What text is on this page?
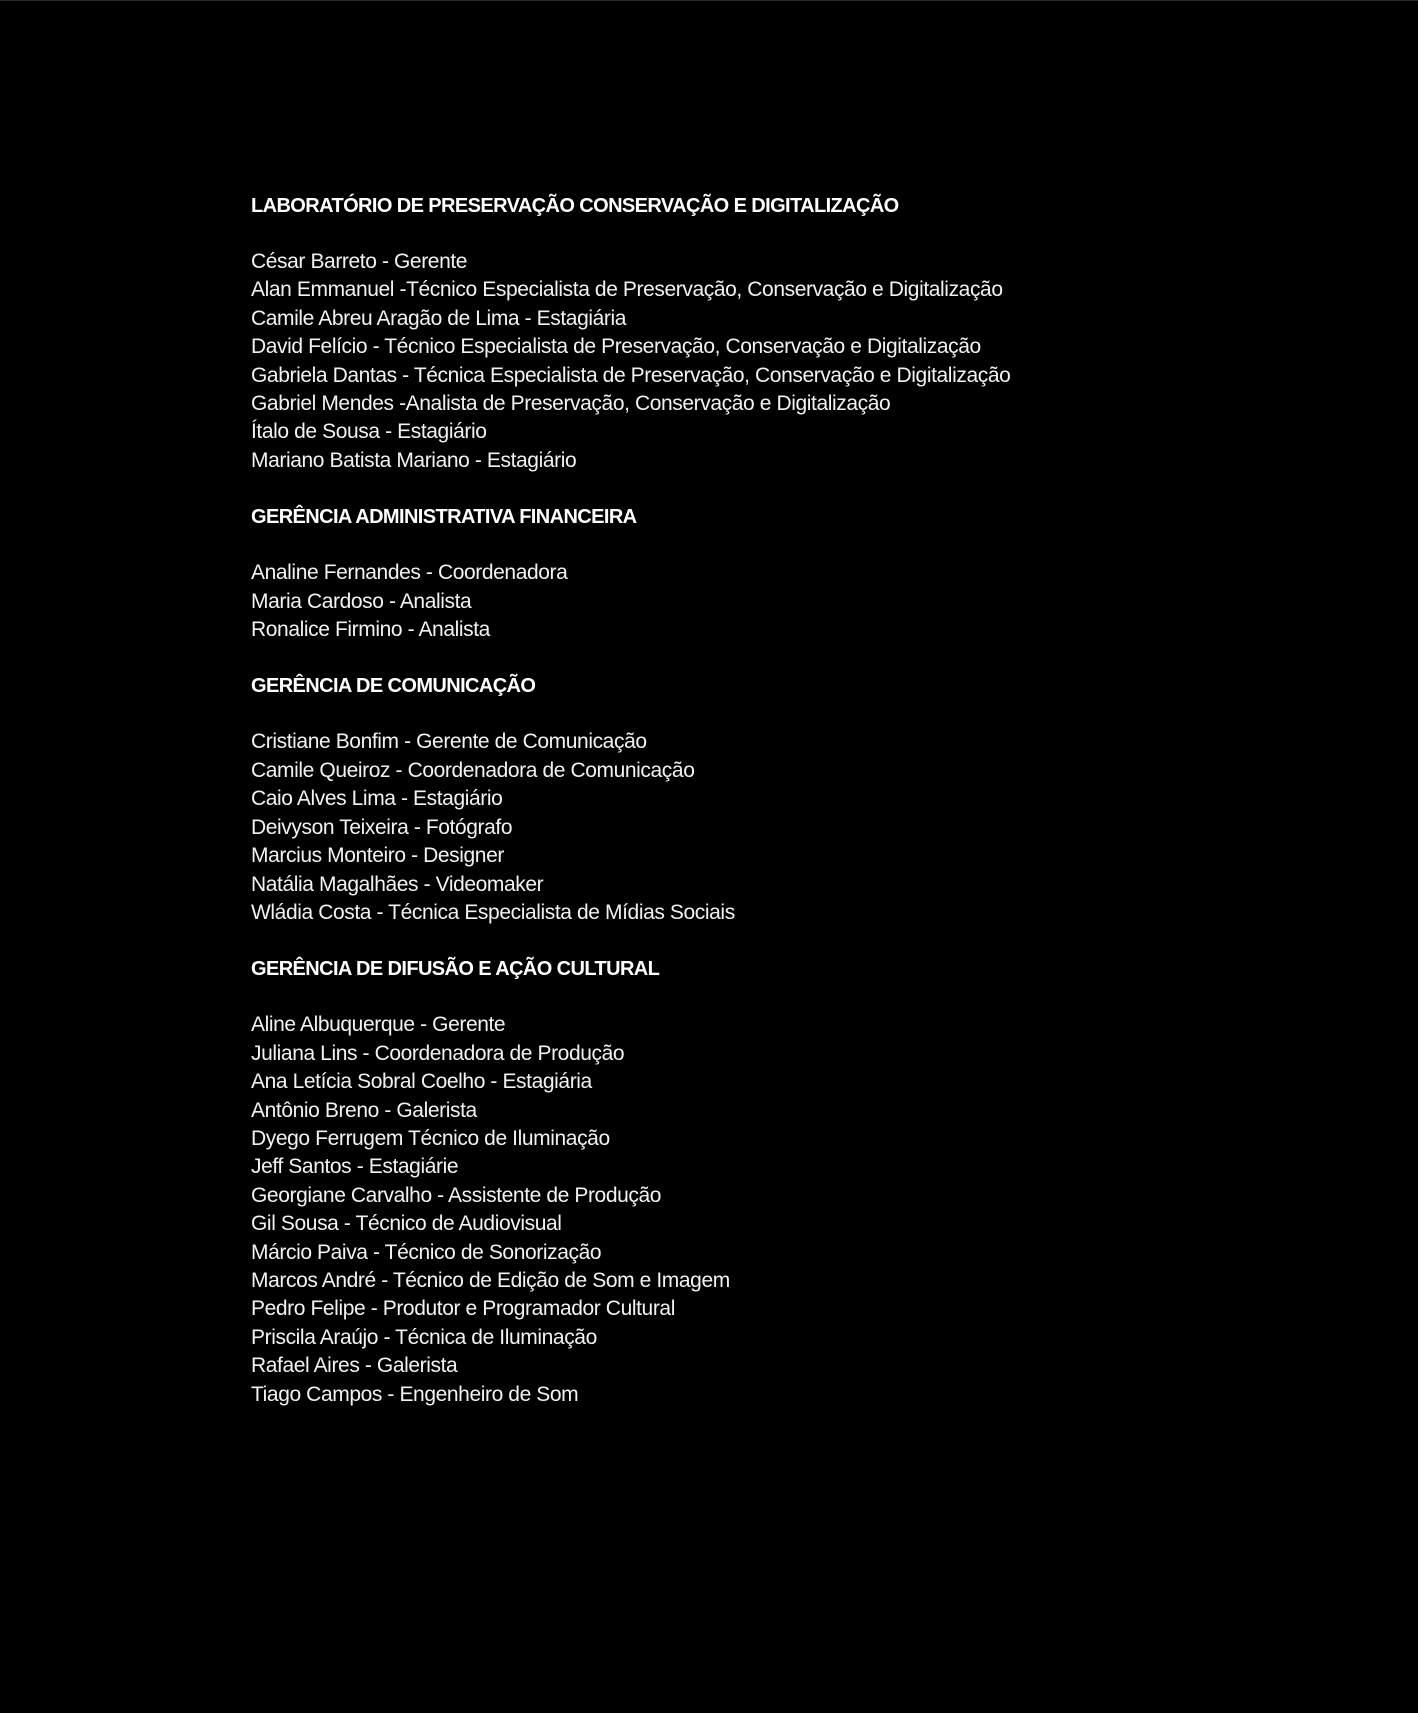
LABORATÓRIO DE PRESERVAÇÃO CONSERVAÇÃO E DIGITALIZAÇÃO
César Barreto - Gerente
Alan Emmanuel -Técnico Especialista de Preservação, Conservação e Digitalização
Camile Abreu Aragão de Lima - Estagiária
David Felício - Técnico Especialista de Preservação, Conservação e Digitalização
Gabriela Dantas - Técnica Especialista de Preservação, Conservação e Digitalização
Gabriel Mendes -Analista de Preservação, Conservação e Digitalização
Ítalo de Sousa - Estagiário
Mariano Batista Mariano - Estagiário
GERÊNCIA ADMINISTRATIVA FINANCEIRA
Analine Fernandes - Coordenadora
Maria Cardoso - Analista
Ronalice Firmino - Analista
GERÊNCIA DE COMUNICAÇÃO
Cristiane Bonfim - Gerente de Comunicação
Camile Queiroz - Coordenadora de Comunicação
Caio Alves Lima - Estagiário
Deivyson Teixeira - Fotógrafo
Marcius Monteiro - Designer
Natália Magalhães - Videomaker
Wládia Costa - Técnica Especialista de Mídias Sociais
GERÊNCIA DE DIFUSÃO E AÇÃO CULTURAL
Aline Albuquerque - Gerente
Juliana Lins - Coordenadora de Produção
Ana Letícia Sobral Coelho - Estagiária
Antônio Breno - Galerista
Dyego Ferrugem Técnico de Iluminação
Jeff Santos - Estagiárie
Georgiane Carvalho - Assistente de Produção
Gil Sousa - Técnico de Audiovisual
Márcio Paiva - Técnico de Sonorização
Marcos André - Técnico de Edição de Som e Imagem
Pedro Felipe - Produtor e Programador Cultural
Priscila Araújo - Técnica de Iluminação
Rafael Aires - Galerista
Tiago Campos - Engenheiro de Som
